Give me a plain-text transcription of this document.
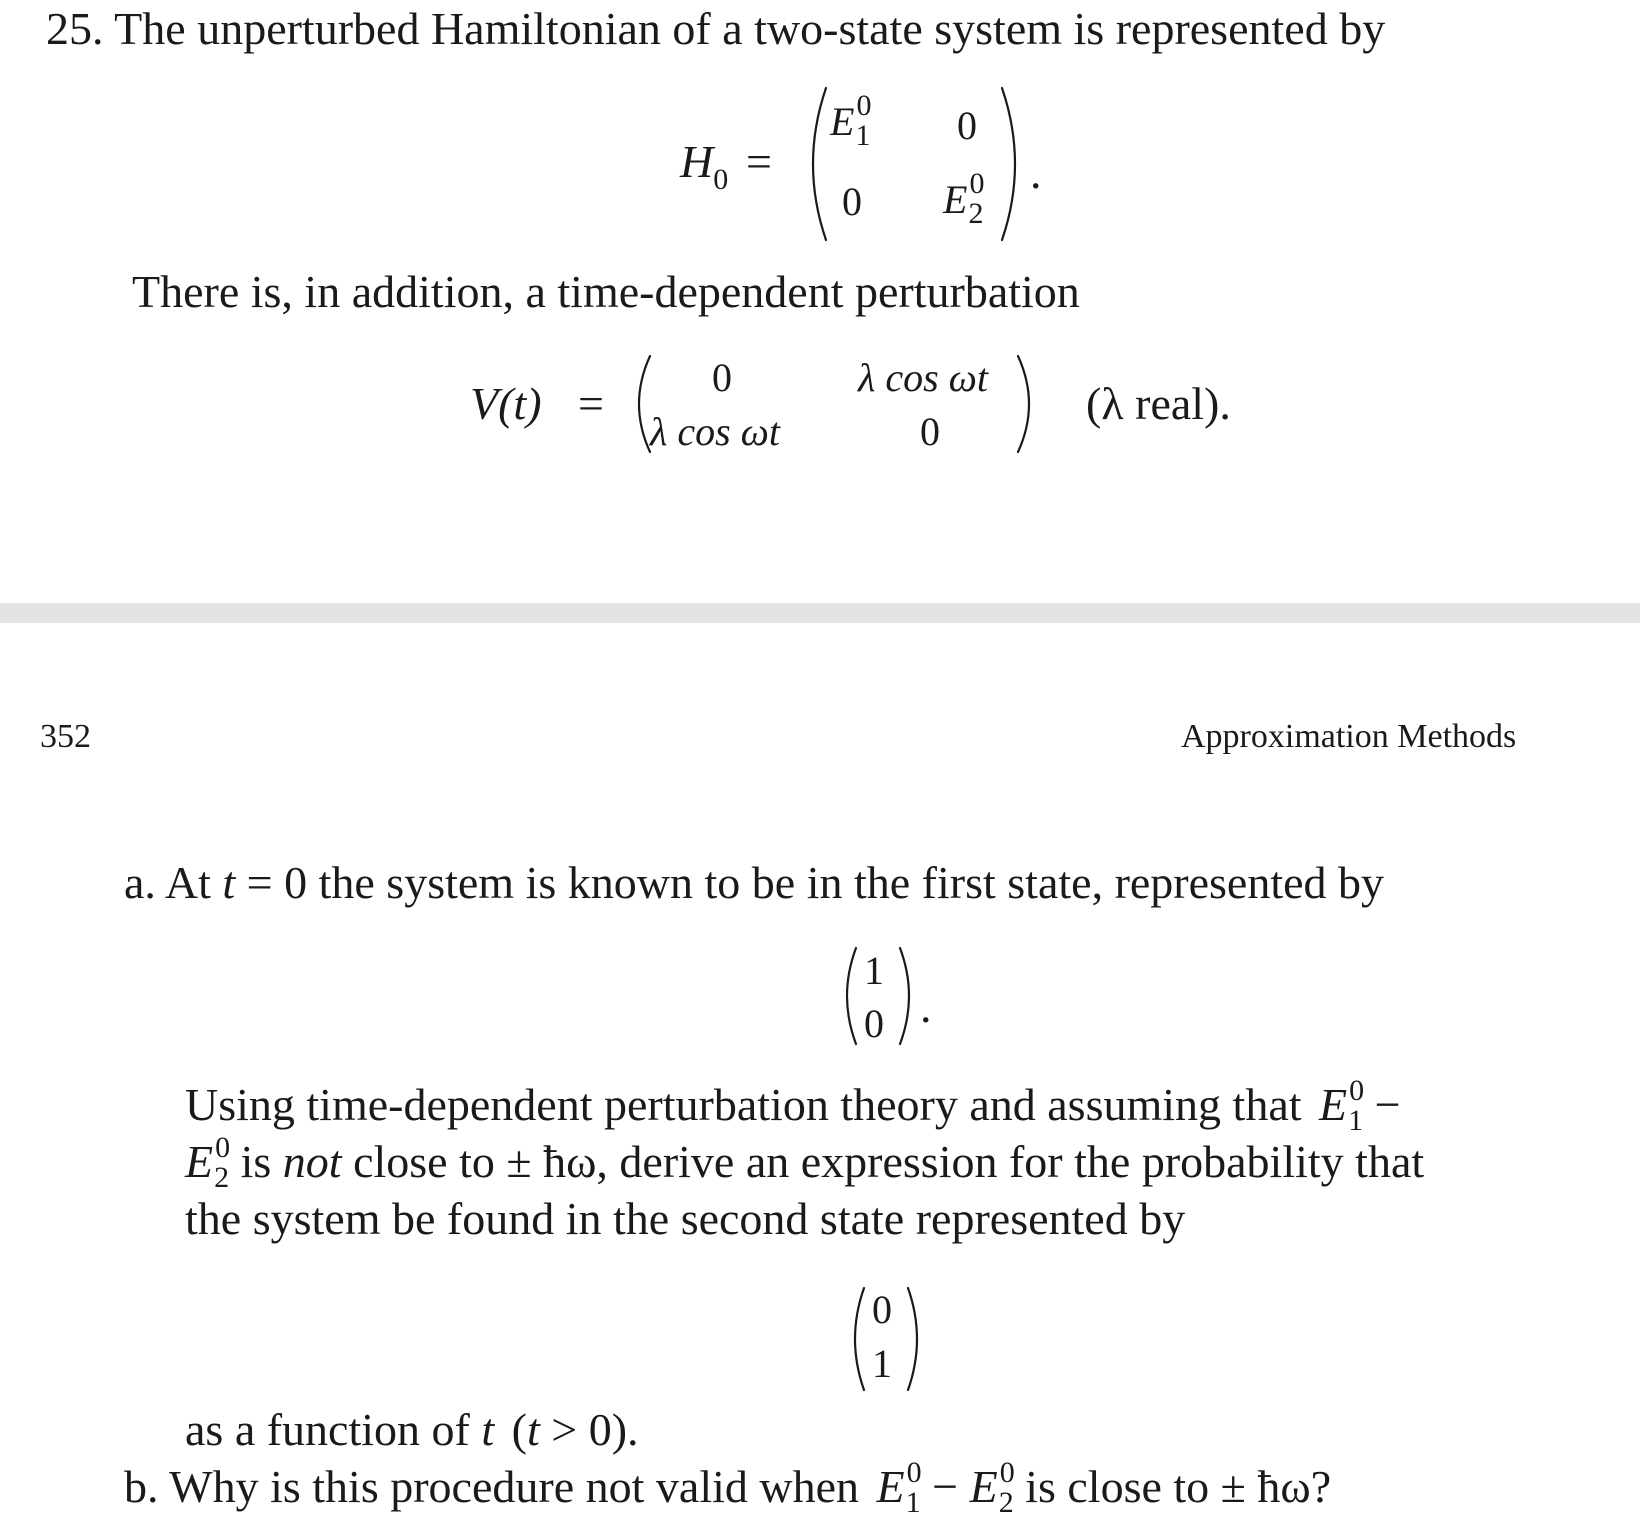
25. The unperturbed Hamiltonian of a two-state system is represented by
$H_0$ =
$E^0_1$ 0
0 $E^0_2$
.
There is, in addition, a time-dependent perturbation
V(t) =
0	λ cos ωt
λ cos ωt	0
(λ real).
352	Approximation Methods
a. At t = 0 the system is known to be in the first state, represented by
1
0 .
Using time-dependent perturbation theory and assuming that $E^0_1$ −
$E^0_2$ is not close to ± ħω, derive an expression for the probability that
the system be found in the second state represented by
0
1
as a function of t (t > 0).
b. Why is this procedure not valid when $E^0_1 - E^0_2$ is close to ± ħω?
